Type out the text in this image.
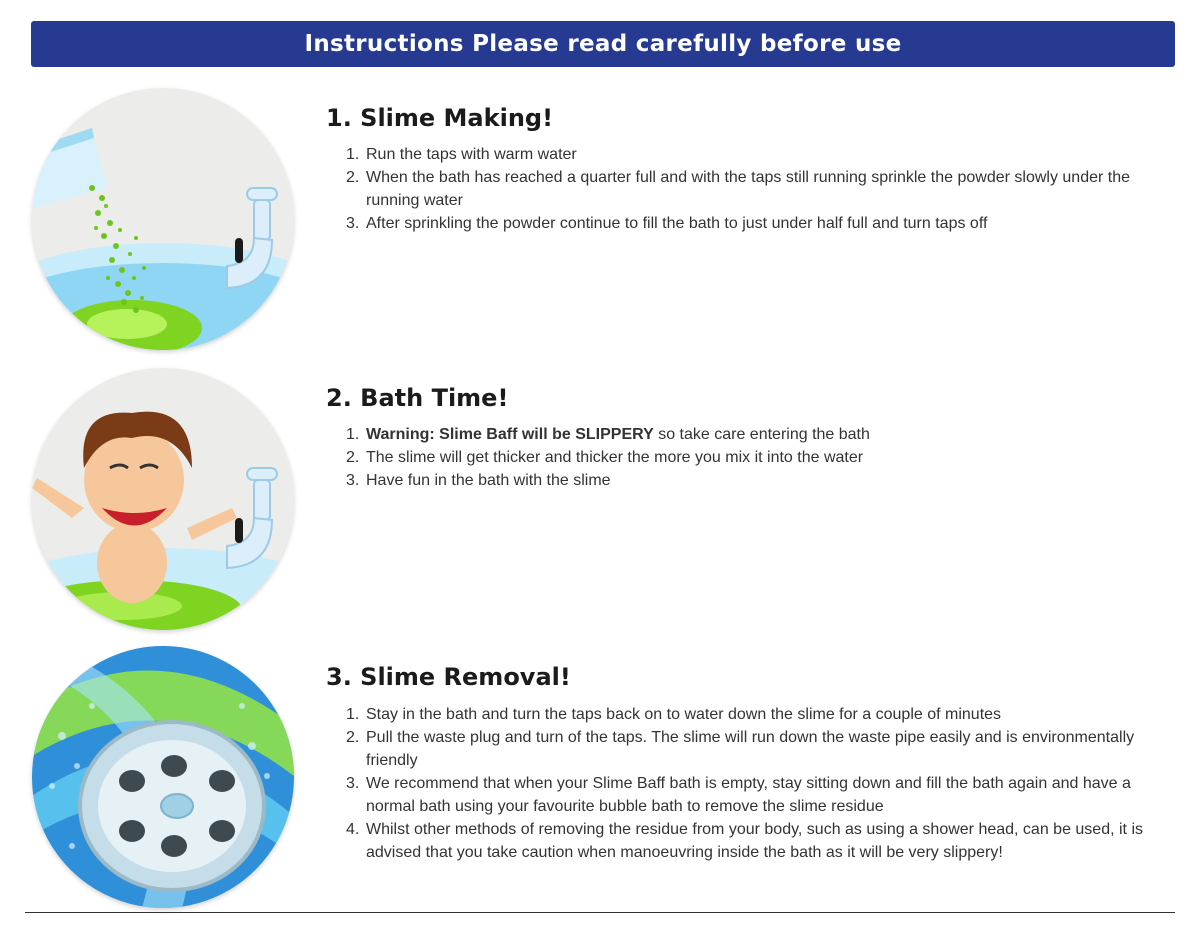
Instructions Please read carefully before use
1. Slime Making!
1. Run the taps with warm water
2. When the bath has reached a quarter full and with the taps still running sprinkle the powder slowly under the running water
3. After sprinkling the powder continue to fill the bath to just under half full and turn taps off
2. Bath Time!
1. Warning: Slime Baff will be SLIPPERY so take care entering the bath
2. The slime will get thicker and thicker the more you mix it into the water
3. Have fun in the bath with the slime
3. Slime Removal!
1. Stay in the bath and turn the taps back on to water down the slime for a couple of minutes
2. Pull the waste plug and turn of the taps. The slime will run down the waste pipe easily and is environmentally friendly
3. We recommend that when your Slime Baff bath is empty, stay sitting down and fill the bath again and have a normal bath using your favourite bubble bath to remove the slime residue
4. Whilst other methods of removing the residue from your body, such as using a shower head, can be used, it is advised that you take caution when manoeuvring inside the bath as it will be very slippery!
